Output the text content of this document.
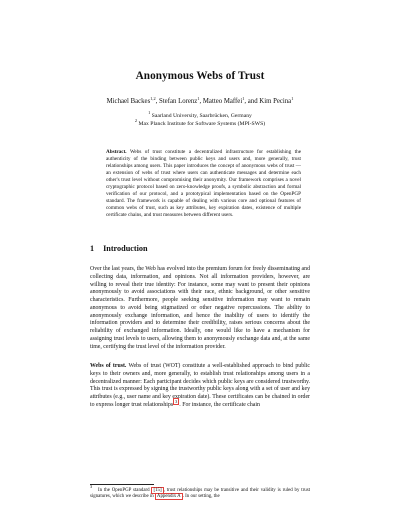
Anonymous Webs of Trust
Michael Backes$^{1,2}$, Stefan Lorenz$^1$, Matteo Maffei$^1$, and Kim Pecina$^1$
$^1$ Saarland University, Saarbrücken, Germany
$^2$ Max Planck Institute for Software Systems (MPI-SWS)
Abstract. Webs of trust constitute a decentralized infrastructure for establishing the authenticity of the binding between public keys and users and, more generally, trust relationships among users. This paper introduces the concept of anonymous webs of trust — an extension of webs of trust where users can authenticate messages and determine each other's trust level without compromising their anonymity. Our framework comprises a novel cryptographic protocol based on zero-knowledge proofs, a symbolic abstraction and formal verification of our protocol, and a prototypical implementation based on the OpenPGP standard. The framework is capable of dealing with various core and optional features of common webs of trust, such as key attributes, key expiration dates, existence of multiple certificate chains, and trust measures between different users.
1 Introduction
Over the last years, the Web has evolved into the premium forum for freely disseminating and collecting data, information, and opinions. Not all information providers, however, are willing to reveal their true identity: For instance, some may want to present their opinions anonymously to avoid associations with their race, ethnic background, or other sensitive characteristics. Furthermore, people seeking sensitive information may want to remain anonymous to avoid being stigmatized or other negative repercussions. The ability to anonymously exchange information, and hence the inability of users to identify the information providers and to determine their credibility, raises serious concerns about the reliability of exchanged information. Ideally, one would like to have a mechanism for assigning trust levels to users, allowing them to anonymously exchange data and, at the same time, certifying the trust level of the information provider.
Webs of trust. Webs of trust (WOT) constitute a well-established approach to bind public keys to their owners and, more generally, to establish trust relationships among users in a decentralized manner: Each participant decides which public keys are considered trustworthy. This trust is expressed by signing the trustworthy public keys along with a set of user and key attributes (e.g., user name and key expiration date). These certificates can be chained in order to express longer trust relationships$^3$. For instance, the certificate chain
$^3$In the OpenPGP standard [15] , trust relationships may be transitive and their validity is ruled by trust signatures, which we describe in Appendix A . In our setting, the
